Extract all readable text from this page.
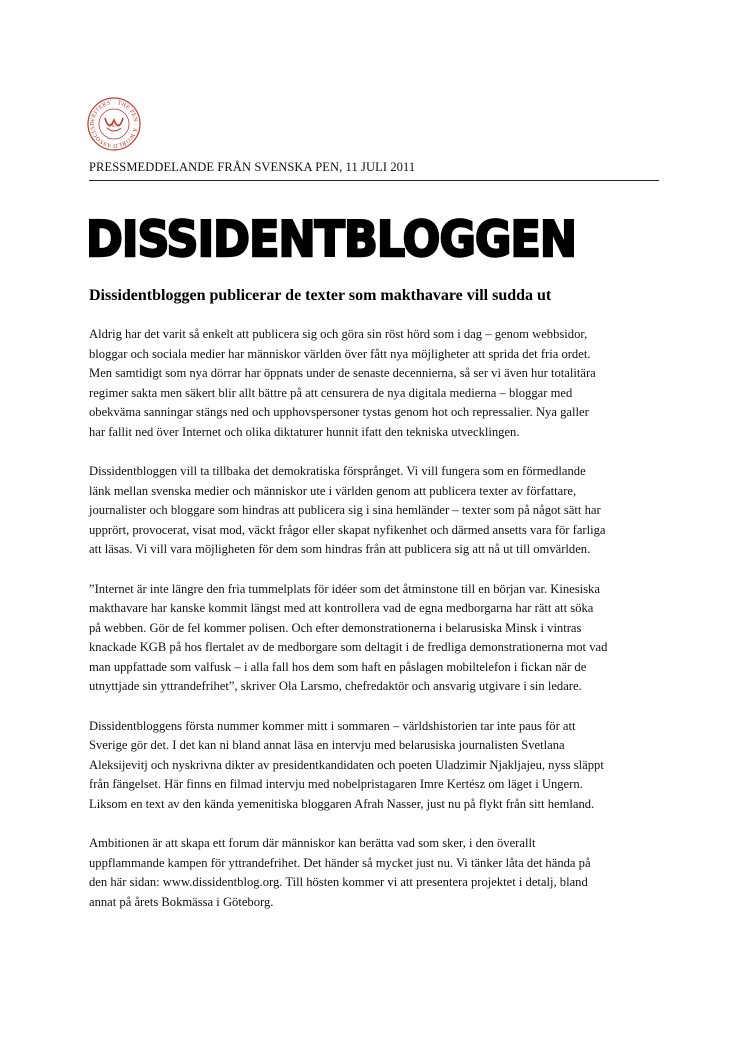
WRITERS' · THE PEN · A WORLD ASSOCIAT	PEN
PRESSMEDDELANDE FRÅN SVENSKA PEN, 11 JULI 2011
DISSIDENTBLOGGEN
Dissidentbloggen publicerar de texter som makthavare vill sudda ut

Aldrig har det varit så enkelt att publicera sig och göra sin röst hörd som i dag – genom webbsidor,
bloggar och sociala medier har människor världen över fått nya möjligheter att sprida det fria ordet.
Men samtidigt som nya dörrar har öppnats under de senaste decennierna, så ser vi även hur totalitära
regimer sakta men säkert blir allt bättre på att censurera de nya digitala medierna – bloggar med
obekväma sanningar stängs ned och upphovspersoner tystas genom hot och repressalier. Nya galler
har fallit ned över Internet och olika diktaturer hunnit ifatt den tekniska utvecklingen.

Dissidentbloggen vill ta tillbaka det demokratiska försprånget. Vi vill fungera som en förmedlande
länk mellan svenska medier och människor ute i världen genom att publicera texter av författare,
journalister och bloggare som hindras att publicera sig i sina hemländer – texter som på något sätt har
upprört, provocerat, visat mod, väckt frågor eller skapat nyfikenhet och därmed ansetts vara för farliga
att läsas. Vi vill vara möjligheten för dem som hindras från att publicera sig att nå ut till omvärlden.

”Internet är inte längre den fria tummelplats för idéer som det åtminstone till en början var. Kinesiska
makthavare har kanske kommit längst med att kontrollera vad de egna medborgarna har rätt att söka
på webben. Gör de fel kommer polisen. Och efter demonstrationerna i belarusiska Minsk i vintras
knackade KGB på hos flertalet av de medborgare som deltagit i de fredliga demonstrationerna mot vad
man uppfattade som valfusk – i alla fall hos dem som haft en påslagen mobiltelefon i fickan när de
utnyttjade sin yttrandefrihet”, skriver Ola Larsmo, chefredaktör och ansvarig utgivare i sin ledare.

Dissidentbloggens första nummer kommer mitt i sommaren – världshistorien tar inte paus för att
Sverige gör det. I det kan ni bland annat läsa en intervju med belarusiska journalisten Svetlana
Aleksijevitj och nyskrivna dikter av presidentkandidaten och poeten Uladzimir Njakljajeu, nyss släppt
från fängelset. Här finns en filmad intervju med nobelpristagaren Imre Kertész om läget i Ungern.
Liksom en text av den kända yemenitiska bloggaren Afrah Nasser, just nu på flykt från sitt hemland.

Ambitionen är att skapa ett forum där människor kan berätta vad som sker, i den överallt
uppflammande kampen för yttrandefrihet. Det händer så mycket just nu. Vi tänker låta det hända på
den här sidan: www.dissidentblog.org. Till hösten kommer vi att presentera projektet i detalj, bland
annat på årets Bokmässa i Göteborg.
